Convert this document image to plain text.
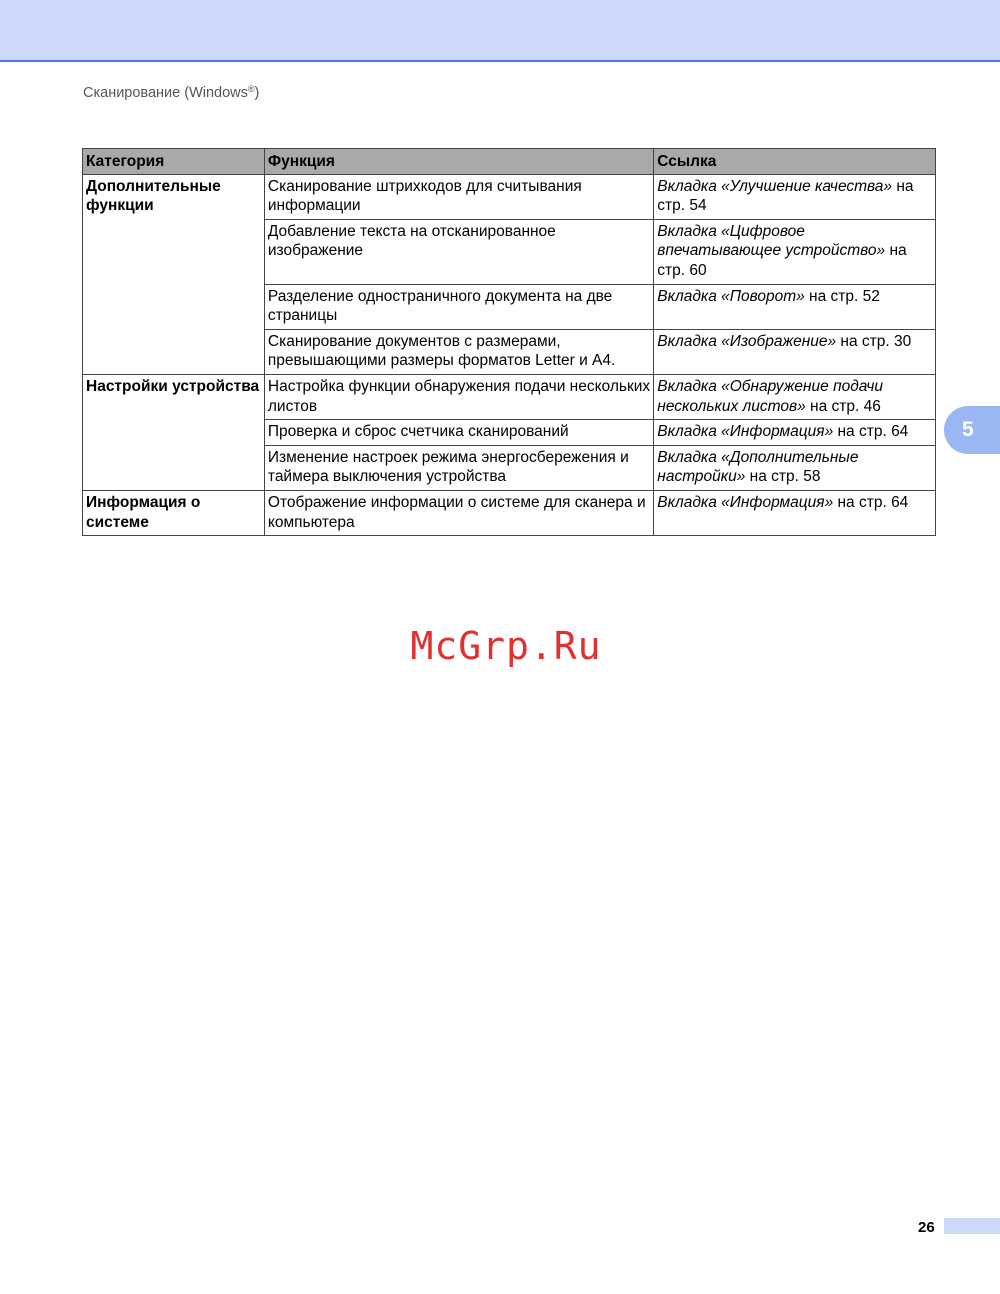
Сканирование (Windows®)
5
Категория	Функция	Ссылка
Дополнительные функции	Сканирование штрихкодов для считывания информации	Вкладка «Улучшение качества» на стр. 54
	Добавление текста на отсканированное изображение	Вкладка «Цифровое впечатывающее устройство» на стр. 60
	Разделение одностраничного документа на две страницы	Вкладка «Поворот» на стр. 52
	Сканирование документов с размерами, превышающими размеры форматов Letter и A4.	Вкладка «Изображение» на стр. 30
Настройки устройства	Настройка функции обнаружения подачи нескольких листов	Вкладка «Обнаружение подачи нескольких листов» на стр. 46
	Проверка и сброс счетчика сканирований	Вкладка «Информация» на стр. 64
	Изменение настроек режима энергосбережения и таймера выключения устройства	Вкладка «Дополнительные настройки» на стр. 58
Информация о системе	Отображение информации о системе для сканера и компьютера	Вкладка «Информация» на стр. 64
McGrp.Ru
26
